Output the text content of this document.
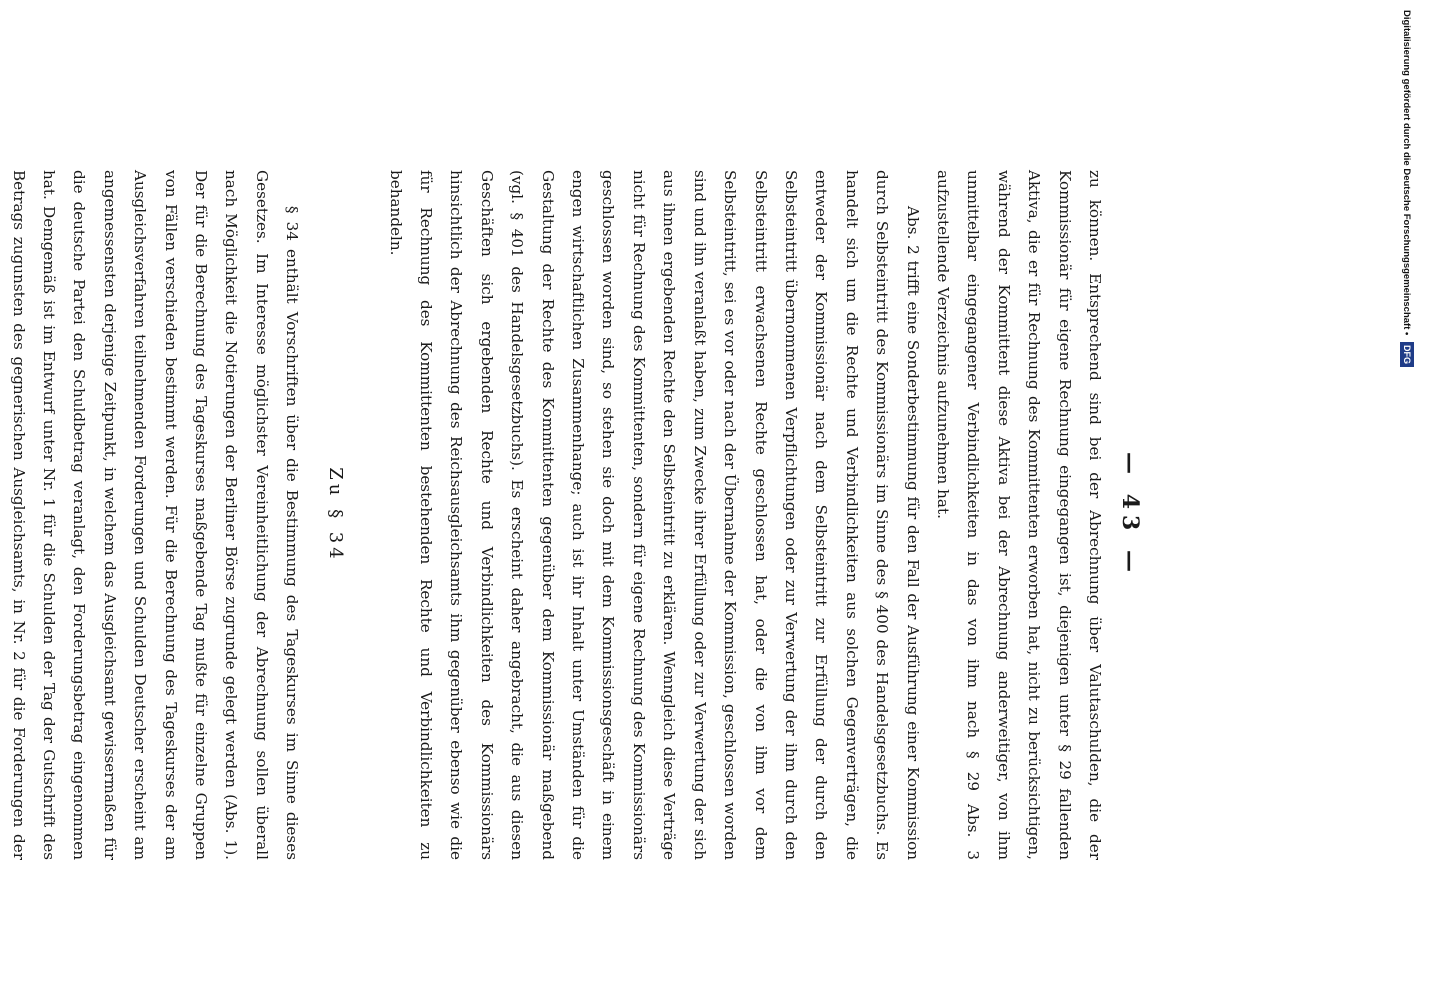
— 43 —

zu können. Entsprechend sind bei der Abrechnung über Valutaschulden, die der Kommissionär für eigene Rechnung eingegangen ist, diejenigen unter § 29 fallenden Aktiva, die er für Rechnung des Kommittenten erworben hat, nicht zu berücksichtigen, während der Kommittent diese Aktiva bei der Abrechnung anderweitiger, von ihm unmittelbar eingegangener Verbindlichkeiten in das von ihm nach § 29 Abs. 3 aufzustellende Verzeichnis aufzunehmen hat.

Abs. 2 trifft eine Sonderbestimmung für den Fall der Ausführung einer Kommission durch Selbsteintritt des Kommissionärs im Sinne des § 400 des Handelsgesetzbuchs. Es handelt sich um die Rechte und Verbindlichkeiten aus solchen Gegenverträgen, die entweder der Kommissionär nach dem Selbsteintritt zur Erfüllung der durch den Selbsteintritt übernommenen Verpflichtungen oder zur Verwertung der ihm durch den Selbsteintritt erwachsenen Rechte geschlossen hat, oder die von ihm vor dem Selbsteintritt, sei es vor oder nach der Übernahme der Kommission, geschlossen worden sind und ihn veranlaßt haben, zum Zwecke ihrer Erfüllung oder zur Verwertung der sich aus ihnen ergebenden Rechte den Selbsteintritt zu erklären. Wenngleich diese Verträge nicht für Rechnung des Kommittenten, sondern für eigene Rechnung des Kommissionärs geschlossen worden sind, so stehen sie doch mit dem Kommissionsgeschäft in einem engen wirtschaftlichen Zusammenhange; auch ist ihr Inhalt unter Umständen für die Gestaltung der Rechte des Kommittenten gegenüber dem Kommissionär maßgebend (vgl. § 401 des Handelsgesetzbuchs). Es erscheint daher angebracht, die aus diesen Geschäften sich ergebenden Rechte und Verbindlichkeiten des Kommissionärs hinsichtlich der Abrechnung des Reichsausgleichsamts ihm gegenüber ebenso wie die für Rechnung des Kommittenten bestehenden Rechte und Verbindlichkeiten zu behandeln.

Zu § 34

§ 34 enthält Vorschriften über die Bestimmung des Tageskurses im Sinne dieses Gesetzes. Im Interesse möglichster Vereinheitlichung der Abrechnung sollen überall nach Möglichkeit die Notierungen der Berliner Börse zugrunde gelegt werden (Abs. 1). Der für die Berechnung des Tageskurses maßgebende Tag mußte für einzelne Gruppen von Fällen verschieden bestimmt werden. Für die Berechnung des Tageskurses der am Ausgleichsverfahren teilnehmenden Forderungen und Schulden Deutscher erscheint am angemessensten derjenige Zeitpunkt, in welchem das Ausgleichsamt gewissermaßen für die deutsche Partei den Schuldbetrag veranlagt, den Forderungsbetrag eingenommen hat. Demgemäß ist im Entwurf unter Nr. 1 für die Schulden der Tag der Gutschrift des Betrags zugunsten des gegnerischen Ausgleichsamts, in Nr. 2 für die Forderungen der

Digitalisierung gefördert durch die Deutsche Forschungsgemeinschaft • DFG
